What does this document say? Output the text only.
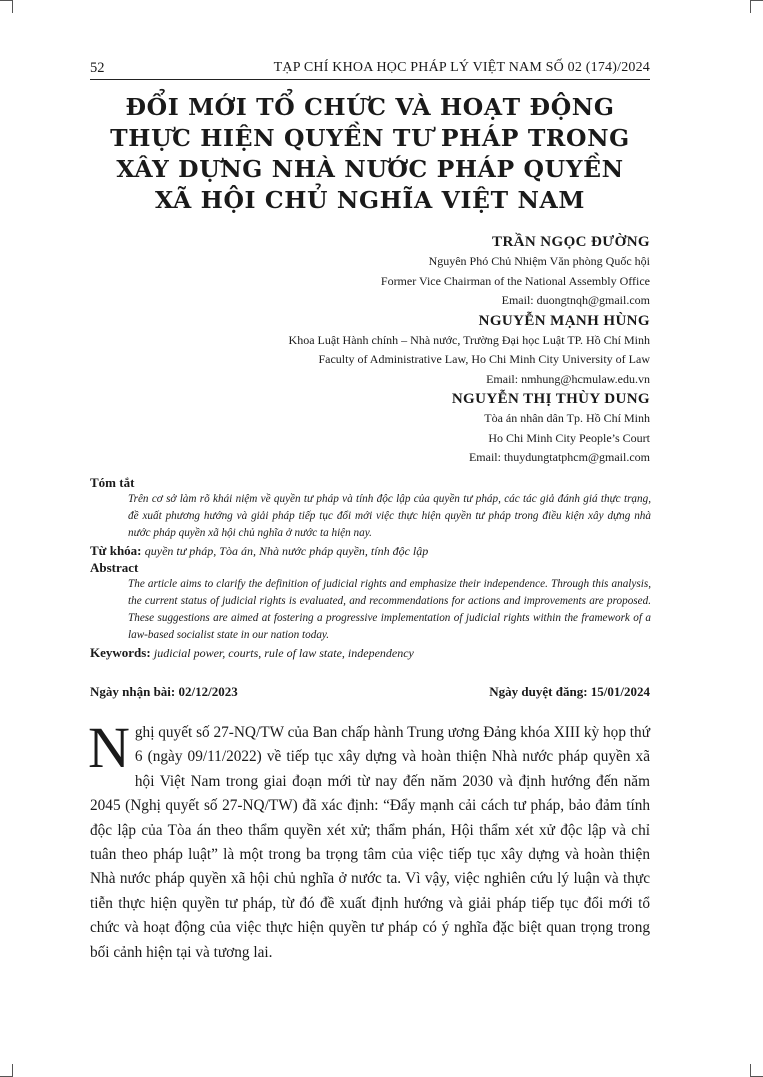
52	TẠP CHÍ KHOA HỌC PHÁP LÝ VIỆT NAM SỐ 02 (174)/2024
ĐỔI MỚI TỔ CHỨC VÀ HOẠT ĐỘNG
THỰC HIỆN QUYỀN TƯ PHÁP TRONG
XÂY DỰNG NHÀ NƯỚC PHÁP QUYỀN
XÃ HỘI CHỦ NGHĨA VIỆT NAM
TRẦN NGỌC ĐƯỜNG
Nguyên Phó Chủ Nhiệm Văn phòng Quốc hội
Former Vice Chairman of the National Assembly Office
Email: duongtnqh@gmail.com
NGUYỄN MẠNH HÙNG
Khoa Luật Hành chính – Nhà nước, Trường Đại học Luật TP. Hồ Chí Minh
Faculty of Administrative Law, Ho Chi Minh City University of Law
Email: nmhung@hcmulaw.edu.vn
NGUYỄN THỊ THÙY DUNG
Tòa án nhân dân Tp. Hồ Chí Minh
Ho Chi Minh City People’s Court
Email: thuydungtatphcm@gmail.com
Tóm tắt
Trên cơ sở làm rõ khái niệm về quyền tư pháp và tính độc lập của quyền tư pháp, các tác giả đánh giá thực trạng, đề xuất phương hướng và giải pháp tiếp tục đổi mới việc thực hiện quyền tư pháp trong điều kiện xây dựng nhà nước pháp quyền xã hội chủ nghĩa ở nước ta hiện nay.
Từ khóa: quyền tư pháp, Tòa án, Nhà nước pháp quyền, tính độc lập
Abstract
The article aims to clarify the definition of judicial rights and emphasize their independence. Through this analysis, the current status of judicial rights is evaluated, and recommendations for actions and improvements are proposed. These suggestions are aimed at fostering a progressive implementation of judicial rights within the framework of a law-based socialist state in our nation today.
Keywords: judicial power, courts, rule of law state, independency
Ngày nhận bài: 02/12/2023	Ngày duyệt đăng: 15/01/2024
Nghị quyết số 27-NQ/TW của Ban chấp hành Trung ương Đảng khóa XIII kỳ họp thứ 6 (ngày 09/11/2022) về tiếp tục xây dựng và hoàn thiện Nhà nước pháp quyền xã hội Việt Nam trong giai đoạn mới từ nay đến năm 2030 và định hướng đến năm 2045 (Nghị quyết số 27-NQ/TW) đã xác định: “Đẩy mạnh cải cách tư pháp, bảo đảm tính độc lập của Tòa án theo thẩm quyền xét xử; thẩm phán, Hội thẩm xét xử độc lập và chỉ tuân theo pháp luật” là một trong ba trọng tâm của việc tiếp tục xây dựng và hoàn thiện Nhà nước pháp quyền xã hội chủ nghĩa ở nước ta. Vì vậy, việc nghiên cứu lý luận và thực tiễn thực hiện quyền tư pháp, từ đó đề xuất định hướng và giải pháp tiếp tục đổi mới tổ chức và hoạt động của việc thực hiện quyền tư pháp có ý nghĩa đặc biệt quan trọng trong bối cảnh hiện tại và tương lai.
